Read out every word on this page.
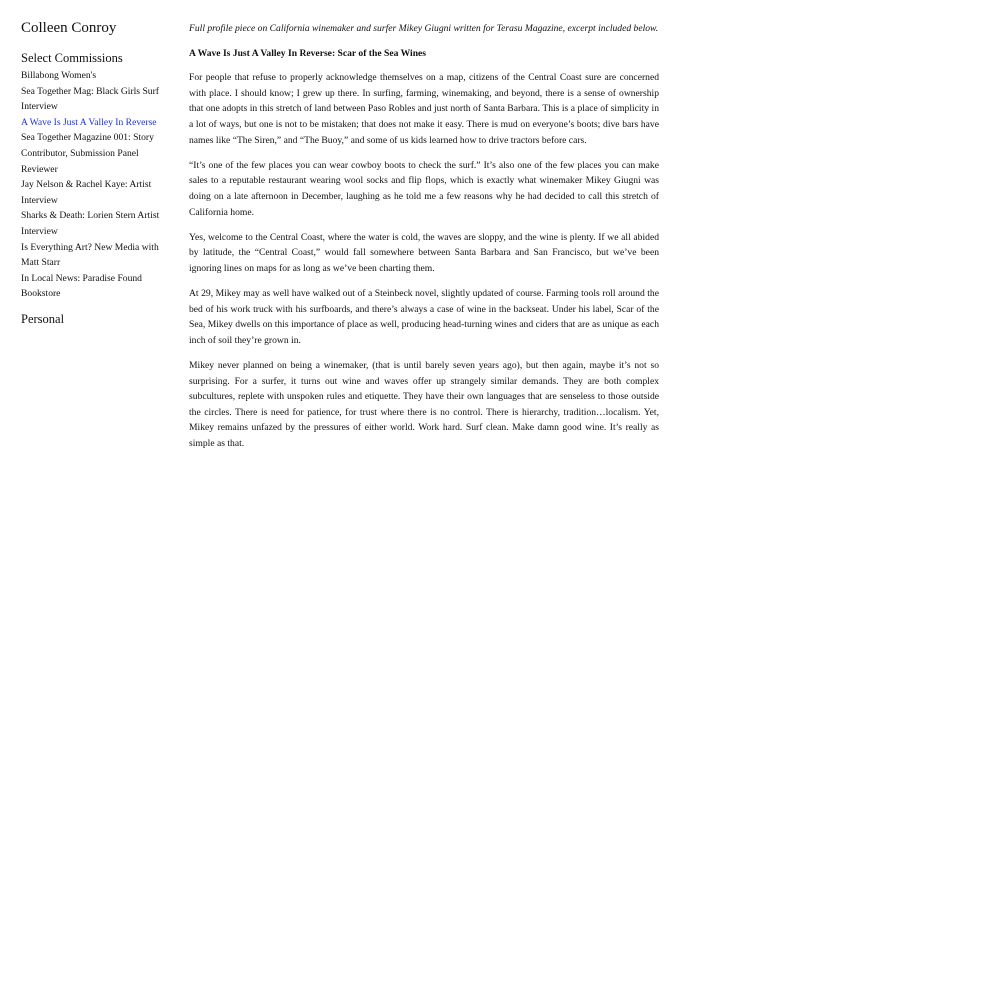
Colleen Conroy
Select Commissions
Billabong Women's
Sea Together Mag: Black Girls Surf Interview
A Wave Is Just A Valley In Reverse
Sea Together Magazine 001: Story Contributor, Submission Panel Reviewer
Jay Nelson & Rachel Kaye: Artist Interview
Sharks & Death: Lorien Stern Artist Interview
Is Everything Art? New Media with Matt Starr
In Local News: Paradise Found Bookstore
Personal

Full profile piece on California winemaker and surfer Mikey Giugni written for Terasu Magazine, excerpt included below.

A Wave Is Just A Valley In Reverse: Scar of the Sea Wines

For people that refuse to properly acknowledge themselves on a map, citizens of the Central Coast sure are concerned with place. I should know; I grew up there. In surfing, farming, winemaking, and beyond, there is a sense of ownership that one adopts in this stretch of land between Paso Robles and just north of Santa Barbara. This is a place of simplicity in a lot of ways, but one is not to be mistaken; that does not make it easy. There is mud on everyone’s boots; dive bars have names like “The Siren,” and “The Buoy,” and some of us kids learned how to drive tractors before cars.

“It’s one of the few places you can wear cowboy boots to check the surf.” It’s also one of the few places you can make sales to a reputable restaurant wearing wool socks and flip flops, which is exactly what winemaker Mikey Giugni was doing on a late afternoon in December, laughing as he told me a few reasons why he had decided to call this stretch of California home.

Yes, welcome to the Central Coast, where the water is cold, the waves are sloppy, and the wine is plenty. If we all abided by latitude, the “Central Coast,” would fall somewhere between Santa Barbara and San Francisco, but we’ve been ignoring lines on maps for as long as we’ve been charting them.

At 29, Mikey may as well have walked out of a Steinbeck novel, slightly updated of course. Farming tools roll around the bed of his work truck with his surfboards, and there’s always a case of wine in the backseat. Under his label, Scar of the Sea, Mikey dwells on this importance of place as well, producing head-turning wines and ciders that are as unique as each inch of soil they’re grown in.

Mikey never planned on being a winemaker, (that is until barely seven years ago), but then again, maybe it’s not so surprising. For a surfer, it turns out wine and waves offer up strangely similar demands. They are both complex subcultures, replete with unspoken rules and etiquette. They have their own languages that are senseless to those outside the circles. There is need for patience, for trust where there is no control. There is hierarchy, tradition…localism. Yet, Mikey remains unfazed by the pressures of either world. Work hard. Surf clean. Make damn good wine. It’s really as simple as that.
